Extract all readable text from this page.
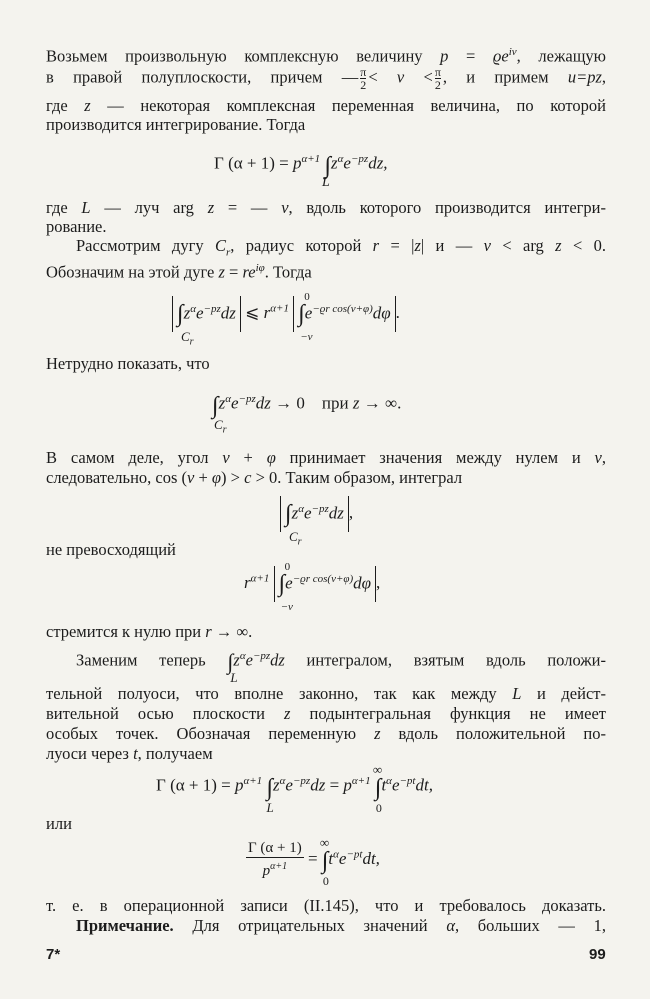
Возьмем произвольную комплексную величину $p = ϱe^{i\nu}$, лежащую
в правой полуплоскости, причем — $\frac{\pi}{2} < \nu < \frac{\pi}{2}$ , и примем u=pz,
где z — некоторая комплексная переменная величина, по которой
производится интегрирование. Тогда
Γ $(\alpha + 1) = p^{\alpha+1}$ $\int z^\alpha e^{-pz}dz$,
L
где L — луч arg z = — ν, вдоль которого производится интегри-
рование.
Рассмотрим дугу $C_r$, радиус которой r = |z| и — ν < arg z < 0.
Обозначим на этой дуге $z = re^{i\varphi}$. Тогда
$\int z^\alpha e^{-pz}dz$
$C_r$
⩽ $r^{\alpha+1}$ $\int e^{-ϱr cos(\nu+\varphi)}d\varphi$
0
−ν
.
Нетрудно показать, что
$\int z^\alpha e^{-pz}dz \to 0$    при z → ∞.
$C_r$
В самом деле, угол ν + φ принимает значения между нулем и ν,
следовательно, cos (ν + φ) > c > 0. Таким образом, интеграл
$\int z^\alpha e^{-pz}dz$
$C_r$
,
не превосходящий
$r^{\alpha+1}$ $\int e^{-ϱr cos(\nu+\varphi)}d\varphi$
0
−ν
,
стремится к нулю при r → ∞.
Заменим теперь $\int z^\alpha e^{-pz}dz$
L
интегралом, взятым вдоль положи-
тельной полуоси, что вполне законно, так как между L и дейст-
вительной осью плоскости z подынтегральная функция не имеет
особых точек. Обозначая переменную z вдоль положительной по-
луоси через t, получаем
Γ $(\alpha + 1) = p^{\alpha+1}$ ∫
L
$z^\alpha e^{-pz}dz = p^{\alpha+1}$ ∫
∞
0
$t^\alpha e^{-pt}dt$,
или
$\frac{\Gamma (\alpha + 1)}{p^{\alpha+1}}$ = ∫
∞
0
$t^\alpha e^{-pt}dt$,
т. е. в операционной записи (II.145), что и требовалось доказать.
Примечание. Для отрицательных значений α, больших — 1,
7*	99
